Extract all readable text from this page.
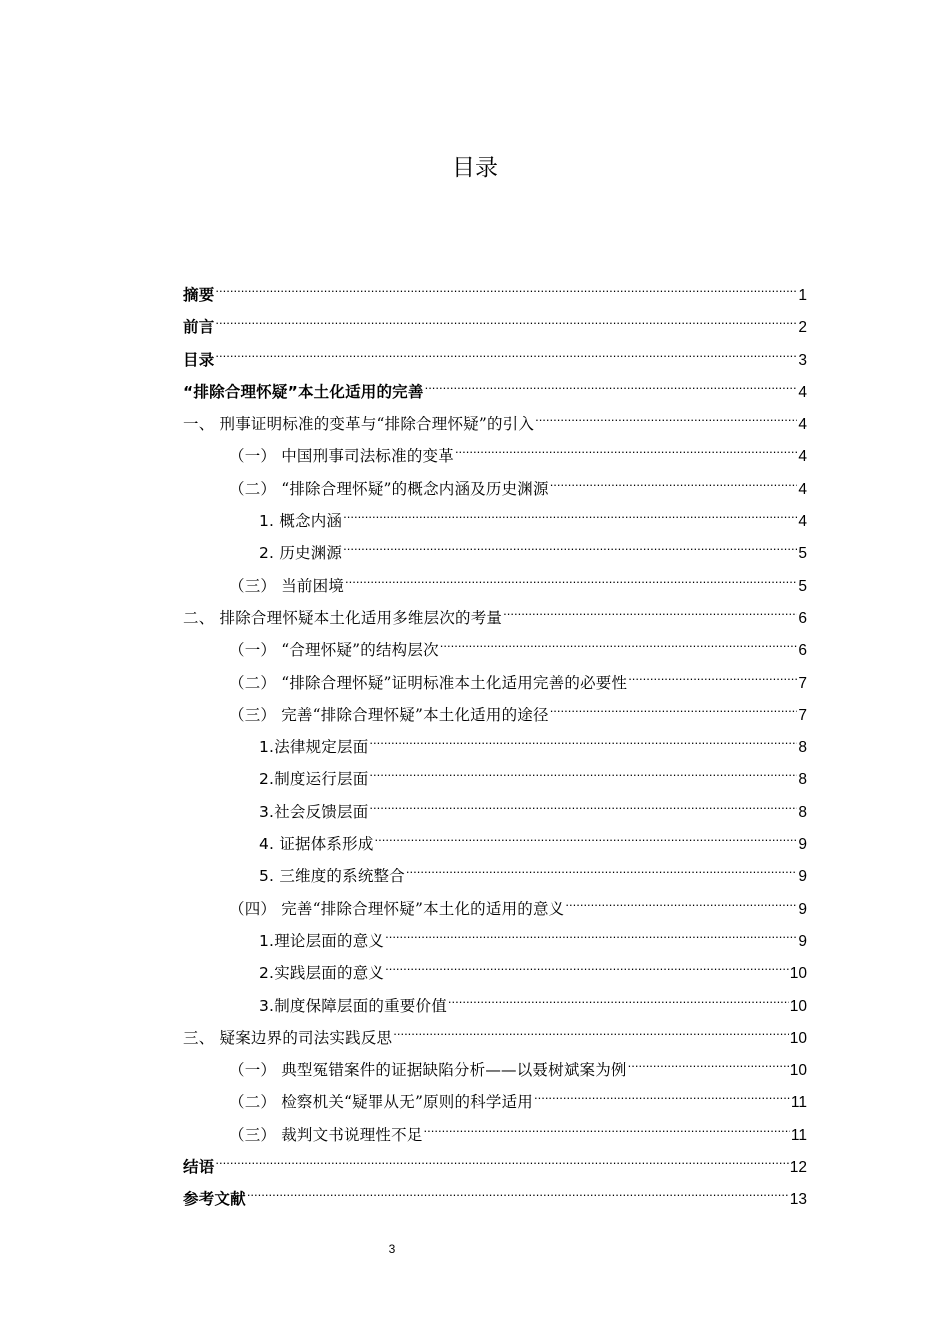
目录
摘要 .....	1
前言 .....	2
目录 .....	3
“排除合理怀疑”本土化适用的完善 .....	4
一、 刑事证明标准的变革与“排除合理怀疑”的引入 .....	4
（一） 中国刑事司法标准的变革 .....	4
（二） “排除合理怀疑”的概念内涵及历史渊源 .....	4
1. 概念内涵 .....	4
2. 历史渊源 .....	5
（三） 当前困境 .....	5
二、 排除合理怀疑本土化适用多维层次的考量 .....	6
（一） “合理怀疑”的结构层次 .....	6
（二） “排除合理怀疑”证明标准本土化适用完善的必要性 .....	7
（三） 完善“排除合理怀疑”本土化适用的途径 .....	7
1.法律规定层面 .....	8
2.制度运行层面 .....	8
3.社会反馈层面 .....	8
4. 证据体系形成 .....	9
5. 三维度的系统整合 .....	9
（四） 完善“排除合理怀疑”本土化的适用的意义 .....	9
1.理论层面的意义 .....	9
2.实践层面的意义 .....	10
3.制度保障层面的重要价值 .....	10
三、 疑案边界的司法实践反思 .....	10
（一） 典型冤错案件的证据缺陷分析——以聂树斌案为例 .....	10
（二） 检察机关“疑罪从无”原则的科学适用 .....	11
（三） 裁判文书说理性不足 .....	11
结语 .....	12
参考文献 .....	13
3
